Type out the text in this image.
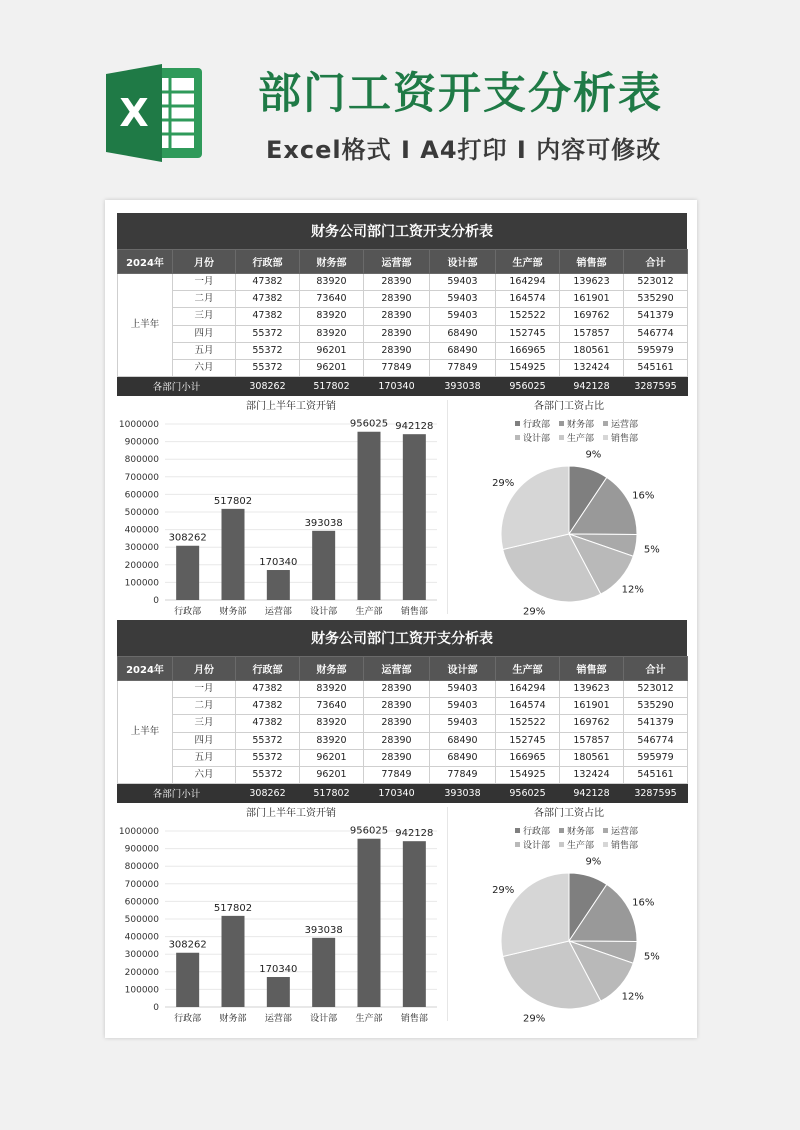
X	部门工资开支分析表
Excel格式 I A4打印 I 内容可修改
财务公司部门工资开支分析表
2024年	月份	行政部	财务部	运营部	设计部	生产部	销售部	合计
上半年	一月	47382	83920	28390	59403	164294	139623	523012
	二月	47382	73640	28390	59403	164574	161901	535290
	三月	47382	83920	28390	59403	152522	169762	541379
	四月	55372	83920	28390	68490	152745	157857	546774
	五月	55372	96201	28390	68490	166965	180561	595979
	六月	55372	96201	77849	77849	154925	132424	545161
各部门小计		308262	517802	170340	393038	956025	942128	3287595
部门上半年工资开销
0
100000
200000
300000
400000
500000
600000
700000
800000
900000
1000000
308262
行政部
517802
财务部
170340
运营部
393038
设计部
956025
生产部
942128
销售部
各部门工资占比
行政部 财务部 运营部
设计部 生产部 销售部
9%
16%
5%
12%
29%
29%
财务公司部门工资开支分析表
2024年	月份	行政部	财务部	运营部	设计部	生产部	销售部	合计
上半年	一月	47382	83920	28390	59403	164294	139623	523012
	二月	47382	73640	28390	59403	164574	161901	535290
	三月	47382	83920	28390	59403	152522	169762	541379
	四月	55372	83920	28390	68490	152745	157857	546774
	五月	55372	96201	28390	68490	166965	180561	595979
	六月	55372	96201	77849	77849	154925	132424	545161
各部门小计		308262	517802	170340	393038	956025	942128	3287595
部门上半年工资开销
0
100000
200000
300000
400000
500000
600000
700000
800000
900000
1000000
308262
行政部
517802
财务部
170340
运营部
393038
设计部
956025
生产部
942128
销售部
各部门工资占比
行政部 财务部 运营部
设计部 生产部 销售部
9%
16%
5%
12%
29%
29%
